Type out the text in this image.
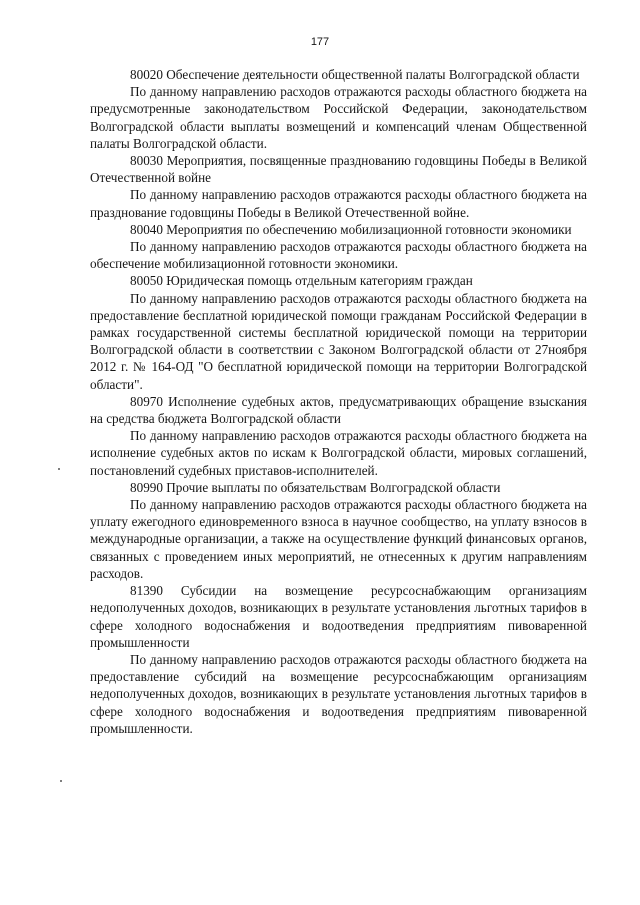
177

80020 Обеспечение деятельности общественной палаты Волгоградской области

По данному направлению расходов отражаются расходы областного бюджета на предусмотренные законодательством Российской Федерации, законодательством Волгоградской области выплаты возмещений и компенсаций членам Общественной палаты Волгоградской области.

80030 Мероприятия, посвященные празднованию годовщины Победы в Великой Отечественной войне

По данному направлению расходов отражаются расходы областного бюджета на празднование годовщины Победы в Великой Отечественной войне.

80040 Мероприятия по обеспечению мобилизационной готовности экономики

По данному направлению расходов отражаются расходы областного бюджета на обеспечение мобилизационной готовности экономики.

80050 Юридическая помощь отдельным категориям граждан

По данному направлению расходов отражаются расходы областного бюджета на предоставление бесплатной юридической помощи гражданам Российской Федерации в рамках государственной системы бесплатной юридической помощи на территории Волгоградской области в соответствии с Законом Волгоградской области от 27ноября 2012 г. № 164-ОД "О бесплатной юридической помощи на территории Волгоградской области".

80970 Исполнение судебных актов, предусматривающих обращение взыскания на средства бюджета Волгоградской области

По данному направлению расходов отражаются расходы областного бюджета на исполнение судебных актов по искам к Волгоградской области, мировых соглашений, постановлений судебных приставов-исполнителей.

80990 Прочие выплаты по обязательствам Волгоградской области

По данному направлению расходов отражаются расходы областного бюджета на уплату ежегодного единовременного взноса в научное сообщество, на уплату взносов в международные организации, а также на осуществление функций финансовых органов, связанных с проведением иных мероприятий, не отнесенных к другим направлениям расходов.

81390 Субсидии на возмещение ресурсоснабжающим организациям недополученных доходов, возникающих в результате установления льготных тарифов в сфере холодного водоснабжения и водоотведения предприятиям пивоваренной промышленности

По данному направлению расходов отражаются расходы областного бюджета на предоставление субсидий на возмещение ресурсоснабжающим организациям недополученных доходов, возникающих в результате установления льготных тарифов в сфере холодного водоснабжения и водоотведения предприятиям пивоваренной промышленности.
